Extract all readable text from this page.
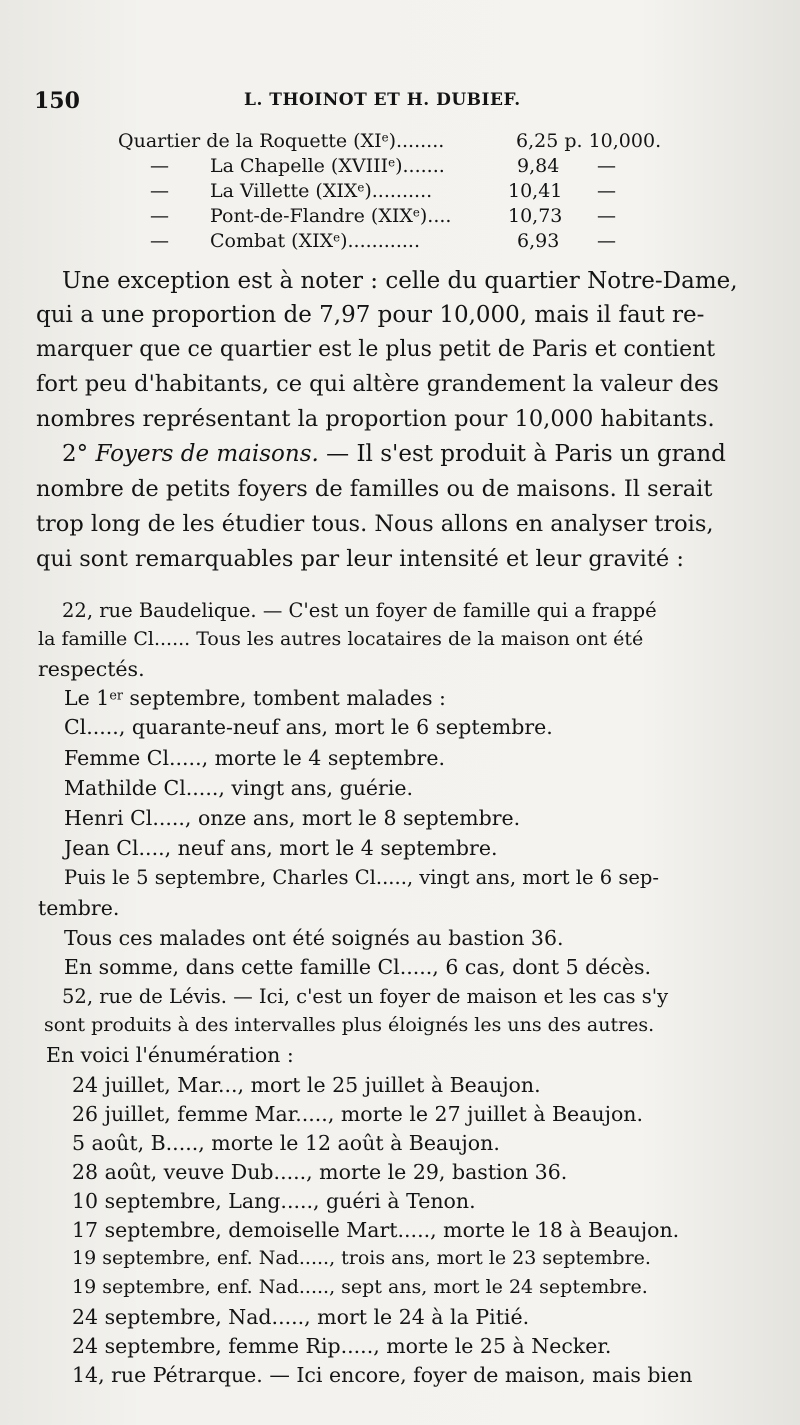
150	L. THOINOT ET H. DUBIEF.
Quartier de la Roquette (XIe)........	6,25 p. 10,000.
— La Chapelle (XVIIIe).......	9,84 —
— La Villette (XIXe)..........	10,41 —
— Pont-de-Flandre (XIXe)....	10,73 —
— Combat (XIXe)............	6,93 —
Une exception est à noter : celle du quartier Notre-Dame,
qui a une proportion de 7,97 pour 10,000, mais il faut re-
marquer que ce quartier est le plus petit de Paris et contient
fort peu d'habitants, ce qui altère grandement la valeur des
nombres représentant la proportion pour 10,000 habitants.
2° Foyers de maisons. — Il s'est produit à Paris un grand
nombre de petits foyers de familles ou de maisons. Il serait
trop long de les étudier tous. Nous allons en analyser trois,
qui sont remarquables par leur intensité et leur gravité :
22, rue Baudelique. — C'est un foyer de famille qui a frappé
la famille Cl...... Tous les autres locataires de la maison ont été
respectés.
Le 1er septembre, tombent malades :
Cl....., quarante-neuf ans, mort le 6 septembre.
Femme Cl....., morte le 4 septembre.
Mathilde Cl....., vingt ans, guérie.
Henri Cl....., onze ans, mort le 8 septembre.
Jean Cl...., neuf ans, mort le 4 septembre.
Puis le 5 septembre, Charles Cl....., vingt ans, mort le 6 sep-
tembre.
Tous ces malades ont été soignés au bastion 36.
En somme, dans cette famille Cl....., 6 cas, dont 5 décès.
52, rue de Lévis. — Ici, c'est un foyer de maison et les cas s'y
sont produits à des intervalles plus éloignés les uns des autres.
En voici l'énumération :
24 juillet, Mar..., mort le 25 juillet à Beaujon.
26 juillet, femme Mar....., morte le 27 juillet à Beaujon.
5 août, B....., morte le 12 août à Beaujon.
28 août, veuve Dub....., morte le 29, bastion 36.
10 septembre, Lang....., guéri à Tenon.
17 septembre, demoiselle Mart....., morte le 18 à Beaujon.
19 septembre, enf. Nad....., trois ans, mort le 23 septembre.
19 septembre, enf. Nad....., sept ans, mort le 24 septembre.
24 septembre, Nad....., mort le 24 à la Pitié.
24 septembre, femme Rip....., morte le 25 à Necker.
14, rue Pétrarque. — Ici encore, foyer de maison, mais bien
